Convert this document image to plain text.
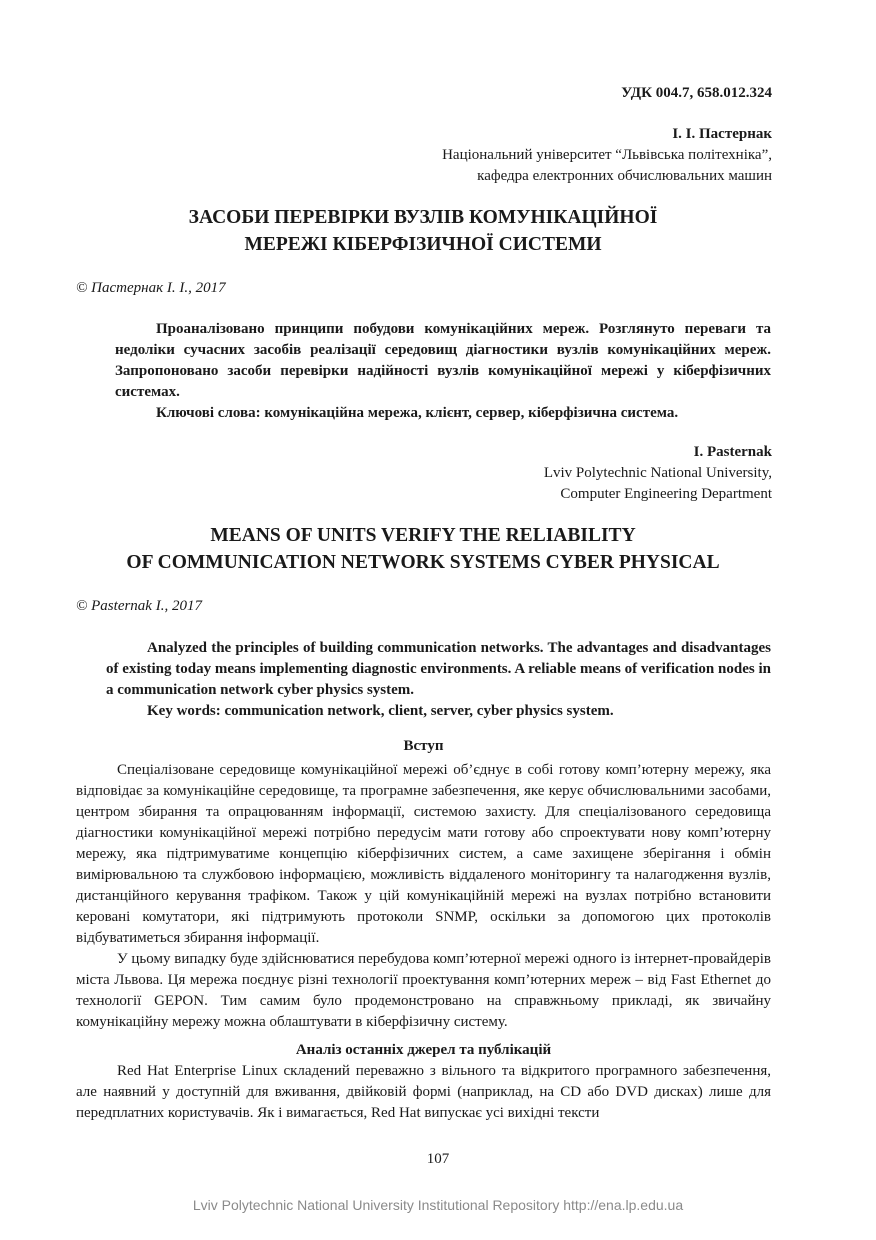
УДК 004.7, 658.012.324
І. І. Пастернак
Національний університет “Львівська політехніка”,
кафедра електронних обчислювальних машин
ЗАСОБИ ПЕРЕВІРКИ ВУЗЛІВ КОМУНІКАЦІЙНОЇ
МЕРЕЖІ КІБЕРФІЗИЧНОЇ СИСТЕМИ
© Пастернак І. І., 2017

Проаналізовано принципи побудови комунікаційних мереж. Розглянуто переваги та недоліки сучасних засобів реалізації середовищ діагностики вузлів комунікаційних мереж. Запропоновано засоби перевірки надійності вузлів комунікаційної мережі у кіберфізичних системах.

Ключові слова: комунікаційна мережа, клієнт, сервер, кіберфізична система.

I. Pasternak
Lviv Polytechnic National University,
Computer Engineering Department
MEANS OF UNITS VERIFY THE RELIABILITY
OF COMMUNICATION NETWORK SYSTEMS CYBER PHYSICAL
© Pasternak I., 2017

Analyzed the principles of building communication networks. The advantages and disadvantages of existing today means implementing diagnostic environments. A reliable means of verification nodes in a communication network cyber physics system.

Key words: communication network, client, server, cyber physics system.

Вступ

Спеціалізоване середовище комунікаційної мережі об’єднує в собі готову комп’ютерну мережу, яка відповідає за комунікаційне середовище, та програмне забезпечення, яке керує обчислювальними засобами, центром збирання та опрацюванням інформації, системою захисту. Для спеціалізованого середовища діагностики комунікаційної мережі потрібно передусім мати готову або спроектувати нову комп’ютерну мережу, яка підтримуватиме концепцію кіберфізичних систем, а саме захищене зберігання і обмін вимірювальною та службовою інформацією, можливість віддаленого моніторингу та налагодження вузлів, дистанційного керування трафіком. Також у цій комунікаційній мережі на вузлах потрібно встановити керовані комутатори, які підтримують протоколи SNMP, оскільки за допомогою цих протоколів відбуватиметься збирання інформації.

У цьому випадку буде здійснюватися перебудова комп’ютерної мережі одного із інтернет-провайдерів міста Львова. Ця мережа поєднує різні технології проектування комп’ютерних мереж – від Fast Ethernet до технології GEPON. Тим самим було продемонстровано на справжньому прикладі, як звичайну комунікаційну мережу можна облаштувати в кіберфізичну систему.

Аналіз останніх джерел та публікацій

Red Hat Enterprise Linux складений переважно з вільного та відкритого програмного забезпечення, але наявний у доступній для вживання, двійковій формі (наприклад, на CD або DVD дисках) лише для передплатних користувачів. Як і вимагається, Red Hat випускає усі вихідні тексти

107
Lviv Polytechnic National University Institutional Repository http://ena.lp.edu.ua
